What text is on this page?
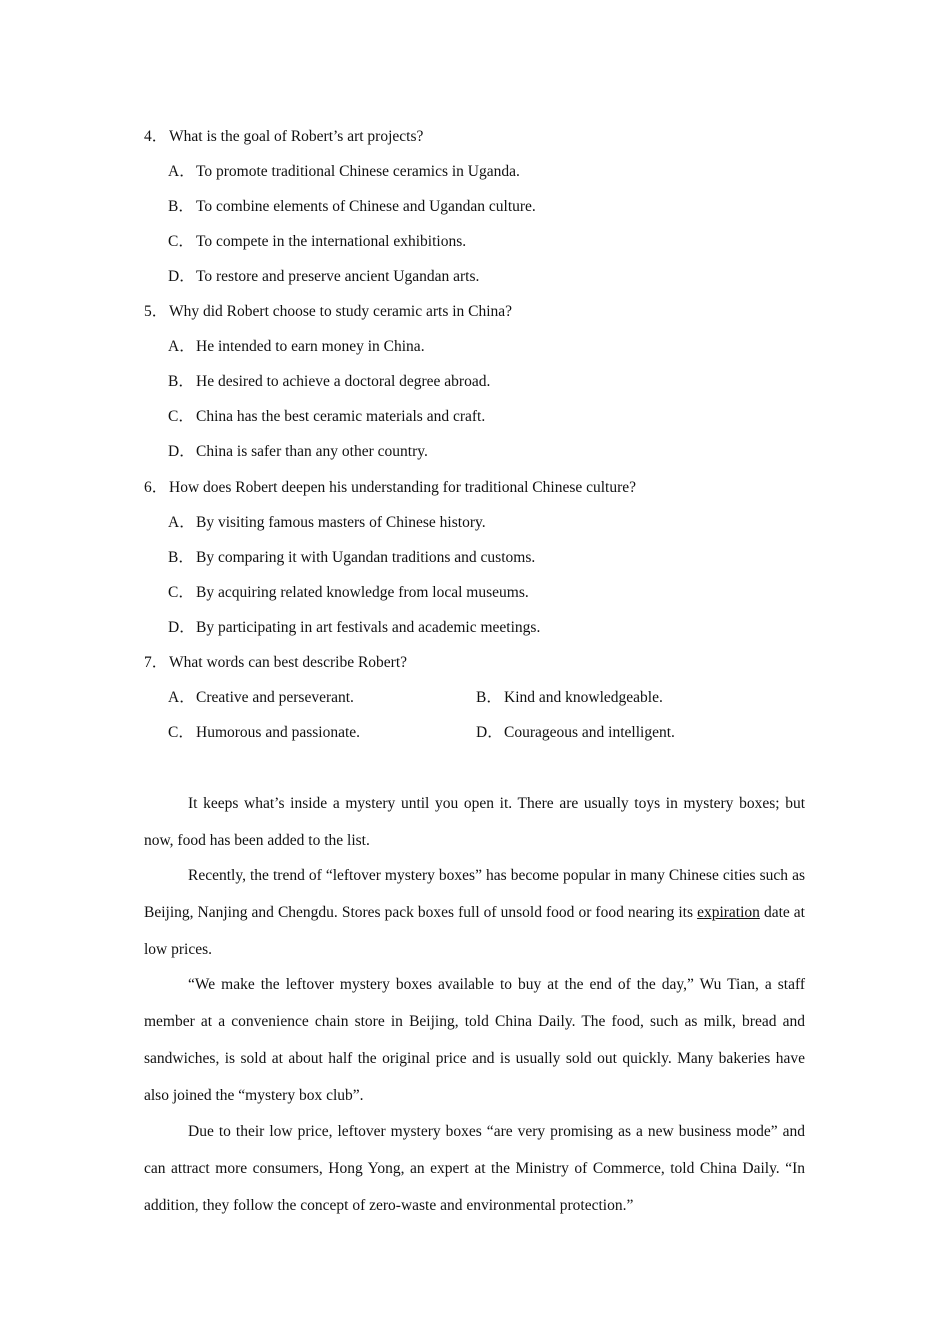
4． What is the goal of Robert’s art projects?
A．To promote traditional Chinese ceramics in Uganda.
B． To combine elements of Chinese and Ugandan culture.
C． To compete in the international exhibitions.
D．To restore and preserve ancient Ugandan arts.
5． Why did Robert choose to study ceramic arts in China?
A．He intended to earn money in China.
B． He desired to achieve a doctoral degree abroad.
C． China has the best ceramic materials and craft.
D．China is safer than any other country.
6． How does Robert deepen his understanding for traditional Chinese culture?
A．By visiting famous masters of Chinese history.
B． By comparing it with Ugandan traditions and customs.
C． By acquiring related knowledge from local museums.
D．By participating in art festivals and academic meetings.
7． What words can best describe Robert?
A．Creative and perseverant.	B． Kind and knowledgeable.
C． Humorous and passionate.	D．Courageous and intelligent.
It keeps what’s inside a mystery until you open it. There are usually toys in mystery boxes; but now, food has been added to the list.
Recently, the trend of “leftover mystery boxes” has become popular in many Chinese cities such as Beijing, Nanjing and Chengdu. Stores pack boxes full of unsold food or food nearing its expiration date at low prices.
“We make the leftover mystery boxes available to buy at the end of the day,” Wu Tian, a staff member at a convenience chain store in Beijing, told China Daily. The food, such as milk, bread and sandwiches, is sold at about half the original price and is usually sold out quickly. Many bakeries have also joined the “mystery box club”.
Due to their low price, leftover mystery boxes “are very promising as a new business mode” and can attract more consumers, Hong Yong, an expert at the Ministry of Commerce, told China Daily. “In addition, they follow the concept of zero-waste and environmental protection.”
